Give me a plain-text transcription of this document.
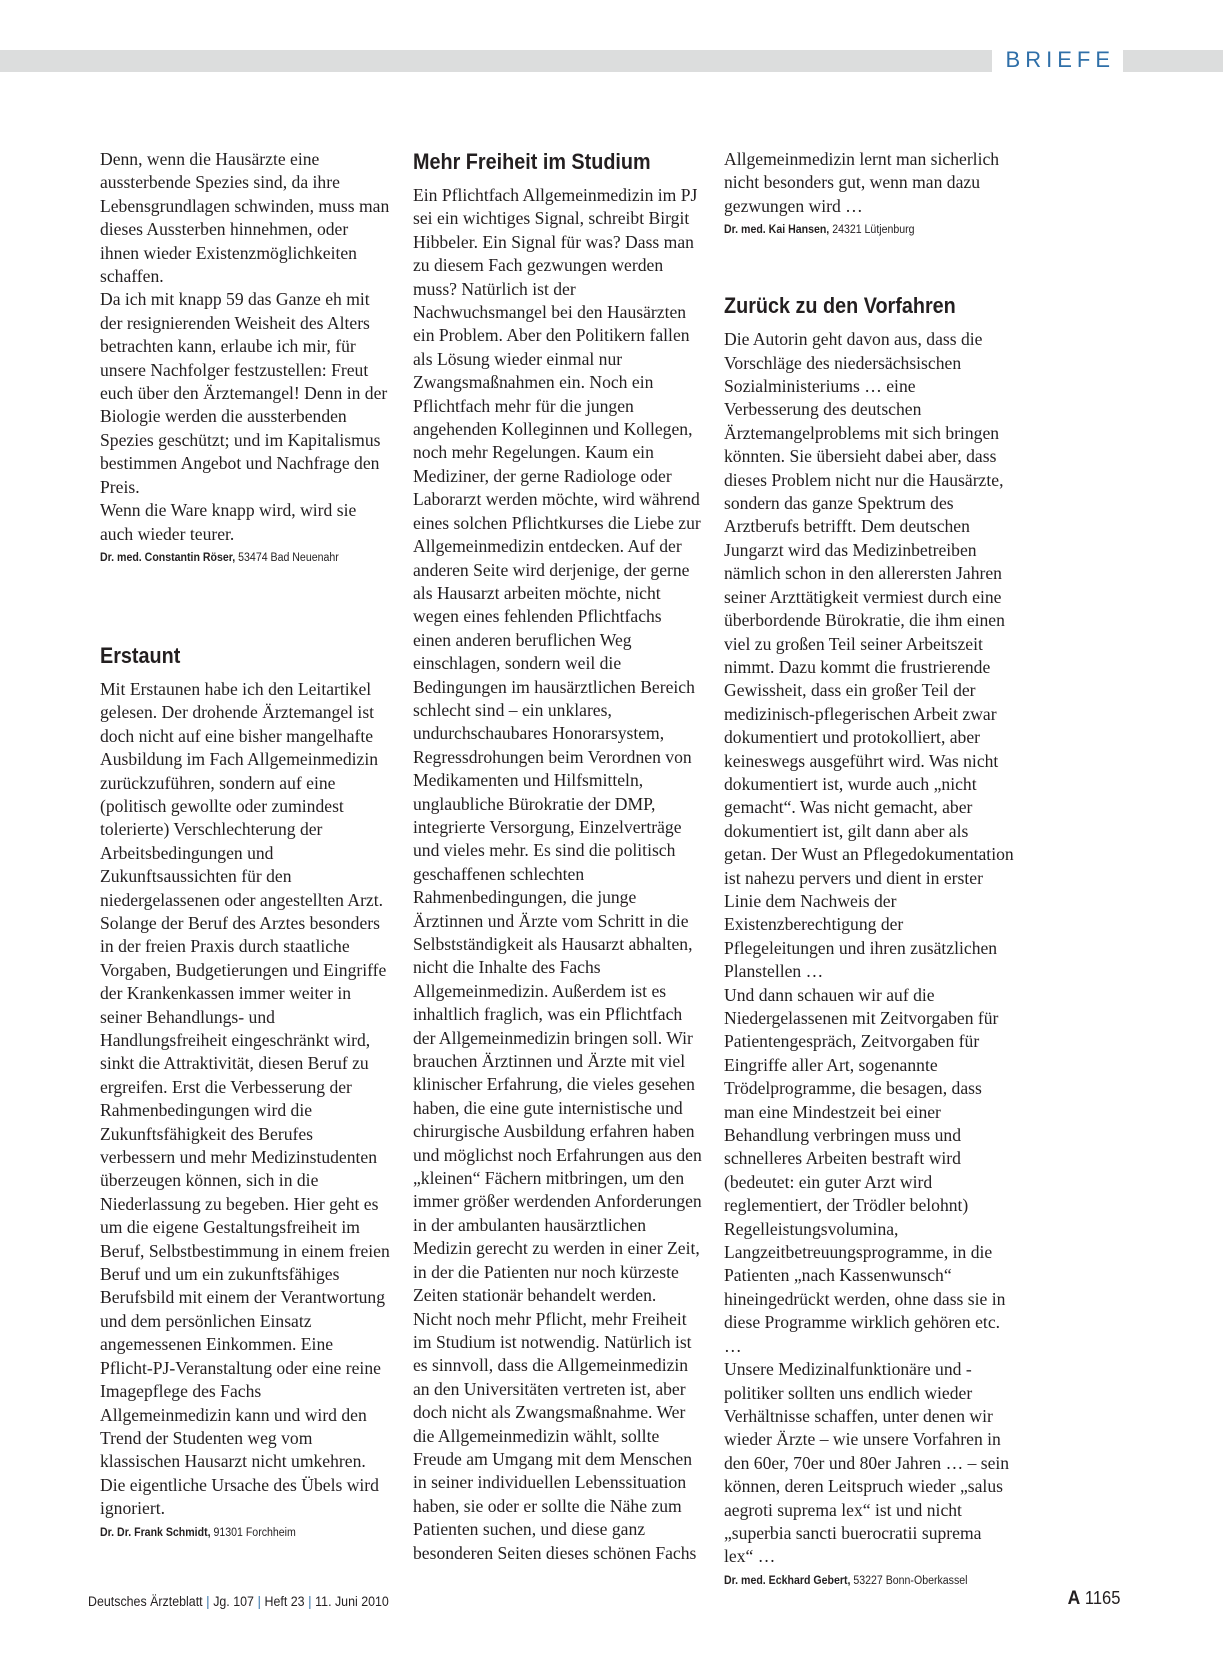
BRIEFE

Denn, wenn die Hausärzte eine aussterbende Spezies sind, da ihre Lebensgrundlagen schwinden, muss man dieses Aussterben hinnehmen, oder ihnen wieder Existenzmöglichkeiten schaffen.

Da ich mit knapp 59 das Ganze eh mit der resignierenden Weisheit des Alters betrachten kann, erlaube ich mir, für unsere Nachfolger festzustellen: Freut euch über den Ärztemangel! Denn in der Biologie werden die aussterbenden Spezies geschützt; und im Kapitalismus bestimmen Angebot und Nachfrage den Preis.

Wenn die Ware knapp wird, wird sie auch wieder teurer.

Dr. med. Constantin Röser, 53474 Bad Neuenahr
Erstaunt

Mit Erstaunen habe ich den Leitartikel gelesen. Der drohende Ärztemangel ist doch nicht auf eine bisher mangelhafte Ausbildung im Fach Allgemeinmedizin zurückzuführen, sondern auf eine (politisch gewollte oder zumindest tolerierte) Verschlechterung der Arbeitsbedingungen und Zukunftsaussichten für den niedergelassenen oder angestellten Arzt. Solange der Beruf des Arztes besonders in der freien Praxis durch staatliche Vorgaben, Budgetierungen und Eingriffe der Krankenkassen immer weiter in seiner Behandlungs- und Handlungsfreiheit eingeschränkt wird, sinkt die Attraktivität, diesen Beruf zu ergreifen. Erst die Verbesserung der Rahmenbedingungen wird die Zukunftsfähigkeit des Berufes verbessern und mehr Medizinstudenten überzeugen können, sich in die Niederlassung zu begeben. Hier geht es um die eigene Gestaltungsfreiheit im Beruf, Selbstbestimmung in einem freien Beruf und um ein zukunftsfähiges Berufsbild mit einem der Verantwortung und dem persönlichen Einsatz angemessenen Einkommen. Eine Pflicht-PJ-Veranstaltung oder eine reine Imagepflege des Fachs Allgemeinmedizin kann und wird den Trend der Studenten weg vom klassischen Hausarzt nicht umkehren. Die eigentliche Ursache des Übels wird ignoriert.

Dr. Dr. Frank Schmidt, 91301 Forchheim
Mehr Freiheit im Studium

Ein Pflichtfach Allgemeinmedizin im PJ sei ein wichtiges Signal, schreibt Birgit Hibbeler. Ein Signal für was? Dass man zu diesem Fach gezwungen werden muss? Natürlich ist der Nachwuchsmangel bei den Hausärzten ein Problem. Aber den Politikern fallen als Lösung wieder einmal nur Zwangsmaßnahmen ein. Noch ein Pflichtfach mehr für die jungen angehenden Kolleginnen und Kollegen, noch mehr Regelungen. Kaum ein Mediziner, der gerne Radiologe oder Laborarzt werden möchte, wird während eines solchen Pflichtkurses die Liebe zur Allgemeinmedizin entdecken. Auf der anderen Seite wird derjenige, der gerne als Hausarzt arbeiten möchte, nicht wegen eines fehlenden Pflichtfachs einen anderen beruflichen Weg einschlagen, sondern weil die Bedingungen im hausärztlichen Bereich schlecht sind – ein unklares, undurchschaubares Honorarsystem, Regressdrohungen beim Verordnen von Medikamenten und Hilfsmitteln, unglaubliche Bürokratie der DMP, integrierte Versorgung, Einzelverträge und vieles mehr. Es sind die politisch geschaffenen schlechten Rahmenbedingungen, die junge Ärztinnen und Ärzte vom Schritt in die Selbstständigkeit als Hausarzt abhalten, nicht die Inhalte des Fachs Allgemeinmedizin. Außerdem ist es inhaltlich fraglich, was ein Pflichtfach der Allgemeinmedizin bringen soll. Wir brauchen Ärztinnen und Ärzte mit viel klinischer Erfahrung, die vieles gesehen haben, die eine gute internistische und chirurgische Ausbildung erfahren haben und möglichst noch Erfahrungen aus den „kleinen“ Fächern mitbringen, um den immer größer werdenden Anforderungen in der ambulanten hausärztlichen Medizin gerecht zu werden in einer Zeit, in der die Patienten nur noch kürzeste Zeiten stationär behandelt werden.

Nicht noch mehr Pflicht, mehr Freiheit im Studium ist notwendig. Natürlich ist es sinnvoll, dass die Allgemeinmedizin an den Universitäten vertreten ist, aber doch nicht als Zwangsmaßnahme. Wer die Allgemeinmedizin wählt, sollte Freude am Umgang mit dem Menschen in seiner individuellen Lebenssituation haben, sie oder er sollte die Nähe zum Patienten suchen, und diese ganz besonderen Seiten dieses schönen Fachs

Allgemeinmedizin lernt man sicherlich nicht besonders gut, wenn man dazu gezwungen wird …

Dr. med. Kai Hansen, 24321 Lütjenburg
Zurück zu den Vorfahren

Die Autorin geht davon aus, dass die Vorschläge des niedersächsischen Sozialministeriums … eine Verbesserung des deutschen Ärztemangelproblems mit sich bringen könnten. Sie übersieht dabei aber, dass dieses Problem nicht nur die Hausärzte, sondern das ganze Spektrum des Arztberufs betrifft. Dem deutschen Jungarzt wird das Medizinbetreiben nämlich schon in den allerersten Jahren seiner Arzttätigkeit vermiest durch eine überbordende Bürokratie, die ihm einen viel zu großen Teil seiner Arbeitszeit nimmt. Dazu kommt die frustrierende Gewissheit, dass ein großer Teil der medizinisch-pflegerischen Arbeit zwar dokumentiert und protokolliert, aber keineswegs ausgeführt wird. Was nicht dokumentiert ist, wurde auch „nicht gemacht“. Was nicht gemacht, aber dokumentiert ist, gilt dann aber als getan. Der Wust an Pflegedokumentation ist nahezu pervers und dient in erster Linie dem Nachweis der Existenzberechtigung der Pflegeleitungen und ihren zusätzlichen Planstellen …

Und dann schauen wir auf die Niedergelassenen mit Zeitvorgaben für Patientengespräch, Zeitvorgaben für Eingriffe aller Art, sogenannte Trödelprogramme, die besagen, dass man eine Mindestzeit bei einer Behandlung verbringen muss und schnelleres Arbeiten bestraft wird (bedeutet: ein guter Arzt wird reglementiert, der Trödler belohnt) Regelleistungsvolumina, Langzeitbetreuungsprogramme, in die Patienten „nach Kassenwunsch“ hineingedrückt werden, ohne dass sie in diese Programme wirklich gehören etc. …

Unsere Medizinalfunktionäre und -politiker sollten uns endlich wieder Verhältnisse schaffen, unter denen wir wieder Ärzte – wie unsere Vorfahren in den 60er, 70er und 80er Jahren … – sein können, deren Leitspruch wieder „salus aegroti suprema lex“ ist und nicht „superbia sancti buerocratii suprema lex“ …

Dr. med. Eckhard Gebert, 53227 Bonn-Oberkassel
Deutsches Ärzteblatt | Jg. 107 | Heft 23 | 11. Juni 2010	A 1165
